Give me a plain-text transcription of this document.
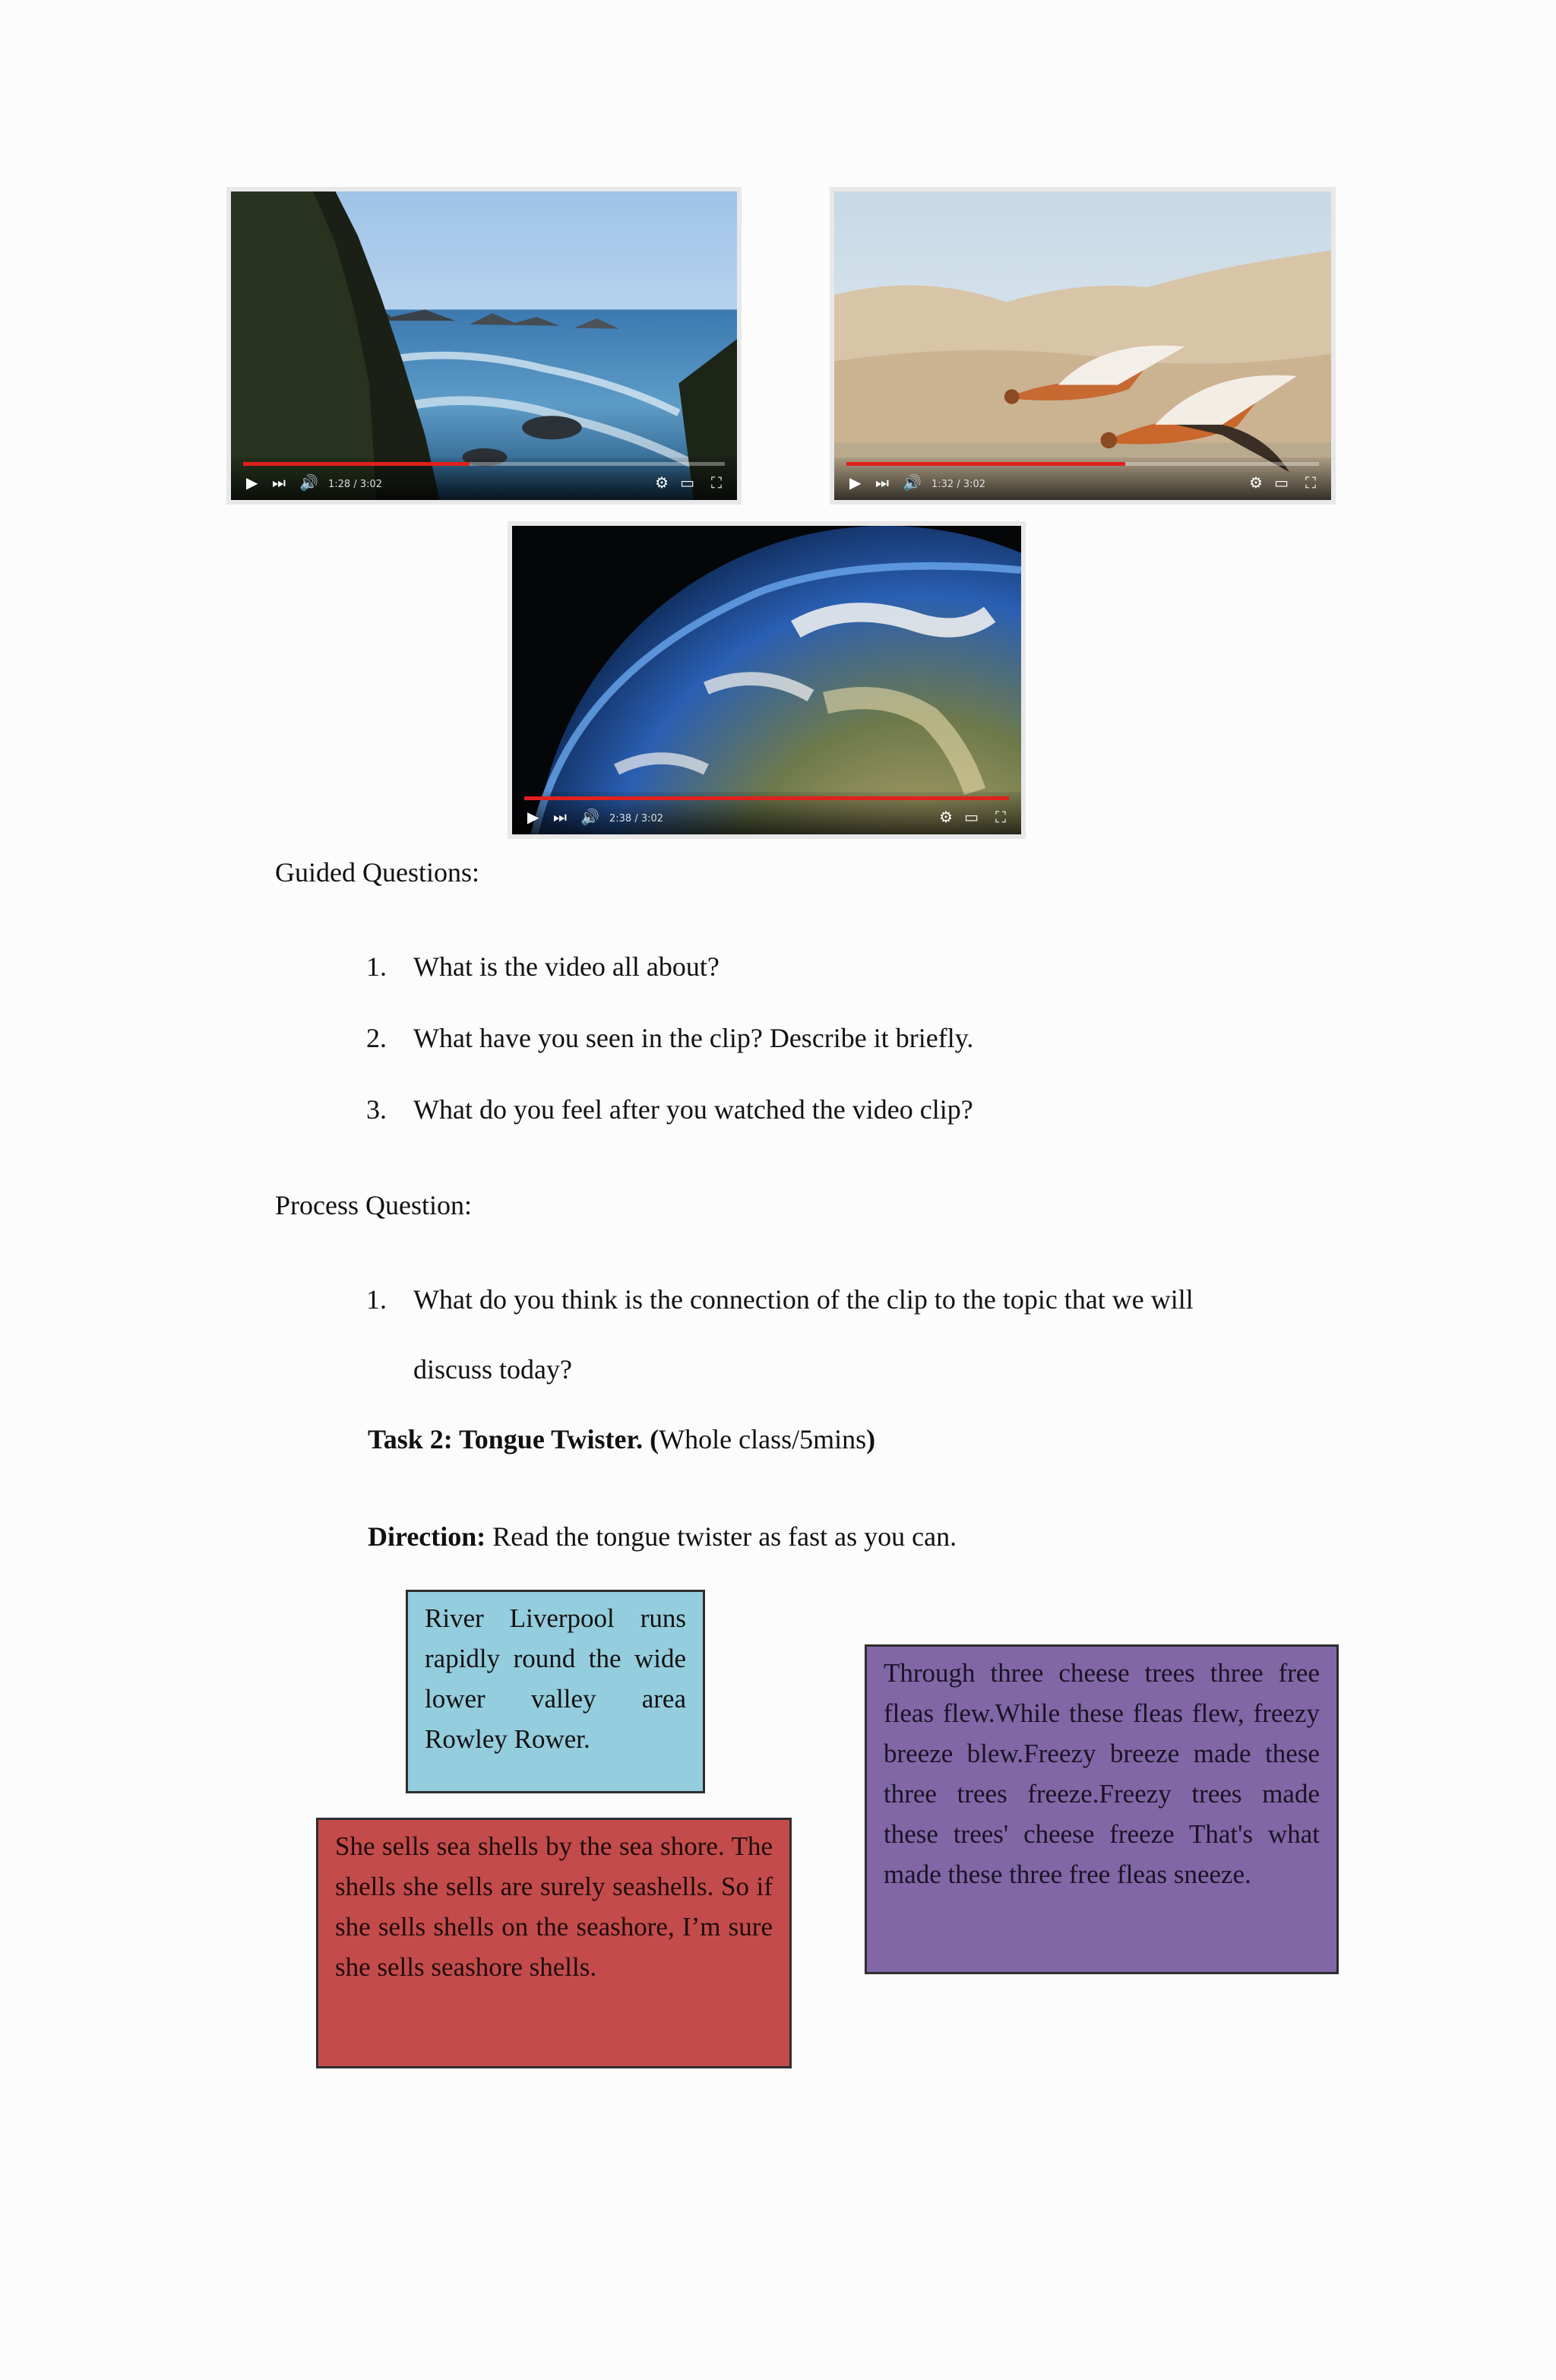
▶ ⏭ 🔊 1:28 / 3:02	⚙ ▭ ⛶	▶ ⏭ 🔊 1:32 / 3:02	⚙ ▭ ⛶
▶ ⏭ 🔊 2:38 / 3:02	⚙ ▭ ⛶
Guided Questions:
1. What is the video all about?
2. What have you seen in the clip? Describe it briefly.
3. What do you feel after you watched the video clip?
Process Question:
1. What do you think is the connection of the clip to the topic that we will
discuss today?
Task 2: Tongue Twister. (Whole class/5mins)
Direction: Read the tongue twister as fast as you can.

River Liverpool runs rapidly round the wide lower valley area Rowley Rower.

Through three cheese trees three free fleas flew.While these fleas flew, freezy breeze blew.Freezy breeze made these three trees freeze.Freezy trees made these trees' cheese freeze That's what made these three free fleas sneeze.

She sells sea shells by the sea shore. The shells she sells are surely seashells. So if she sells shells on the seashore, I’m sure she sells seashore shells.
